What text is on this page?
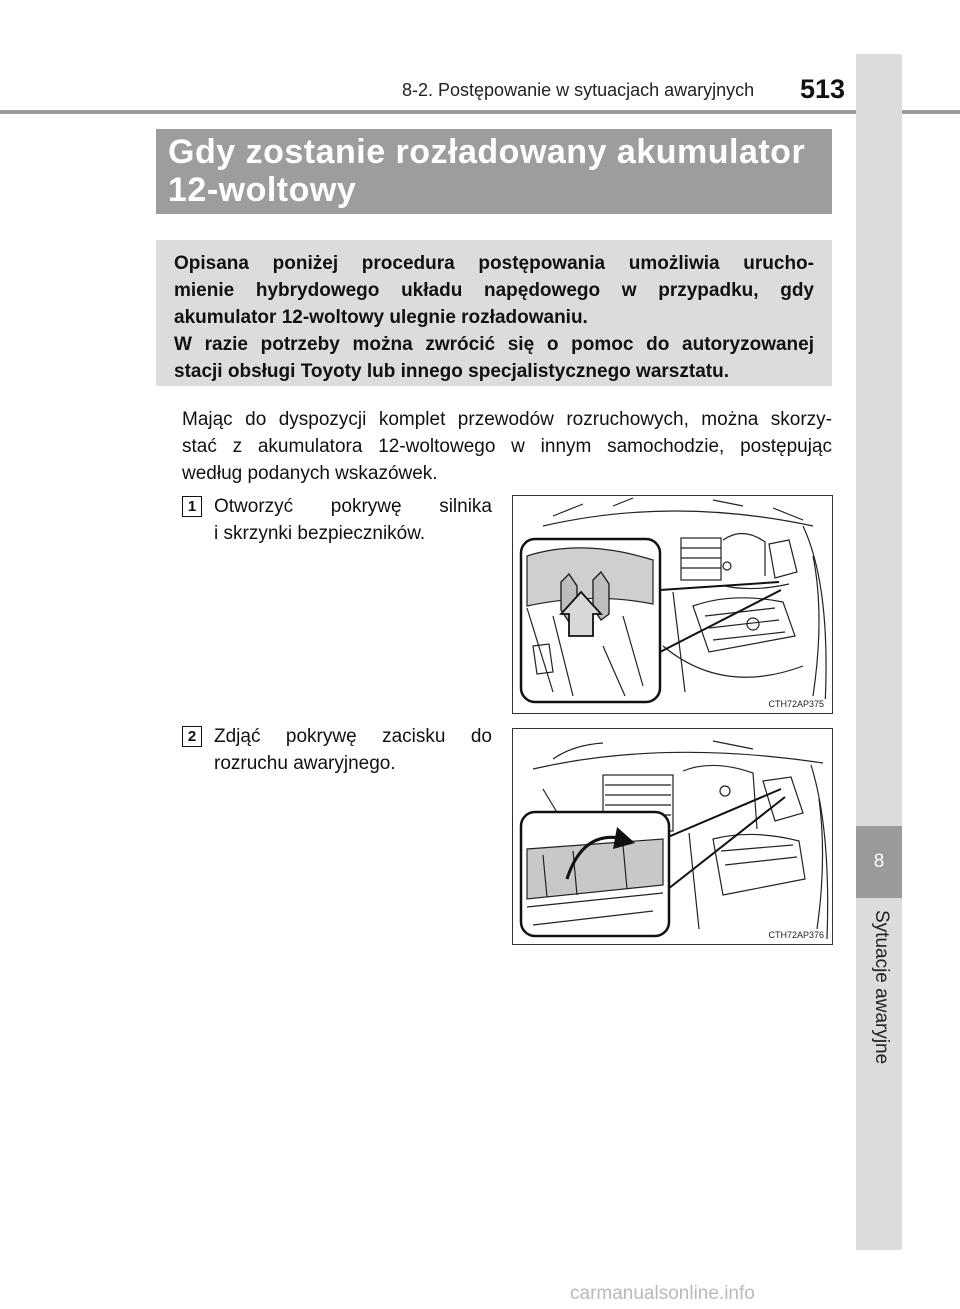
8-2. Postępowanie w sytuacjach awaryjnych 513
8
Sytuacje awaryjne

Gdy zostanie rozładowany akumulator

12-woltowy

Opisana poniżej procedura postępowania umożliwia urucho-
mienie hybrydowego układu napędowego w przypadku, gdy
akumulator 12-woltowy ulegnie rozładowaniu.
W razie potrzeby można zwrócić się o pomoc do autoryzowanej
stacji obsługi Toyoty lub innego specjalistycznego warsztatu.
Mając do dyspozycji komplet przewodów rozruchowych, można skorzy-
stać z akumulatora 12-woltowego w innym samochodzie, postępując
według podanych wskazówek.
1 Otworzyć pokrywę silnika
i skrzynki bezpieczników.
CTH72AP375
2 Zdjąć pokrywę zacisku do
rozruchu awaryjnego.
CTH72AP376
carmanualsonline.info
